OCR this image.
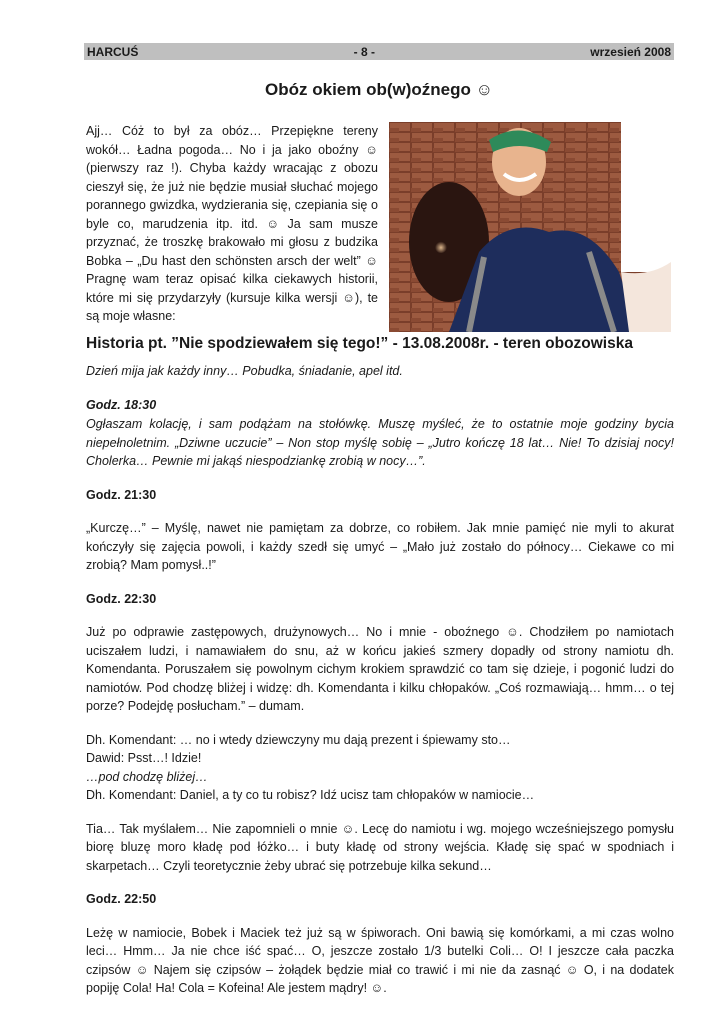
HARCUŚ	- 8 -	wrzesień 2008
Obóz okiem ob(w)oźnego ☺
Ajj… Cóż to był za obóz… Przepiękne tereny wokół… Ładna pogoda… No i ja jako oboźny ☺ (pierwszy raz !). Chyba każdy wracając z obozu cieszył się, że już nie będzie musiał słuchać mojego porannego gwizdka, wydzierania się, czepiania się o byle co, marudzenia itp. itd. ☺ Ja sam musze przyznać, że troszkę brakowało mi głosu z budzika Bobka – „Du hast den schönsten arsch der welt” ☺ Pragnę wam teraz opisać kilka ciekawych historii, które mi się przydarzyły (kursuje kilka wersji ☺), te są moje własne:
Historia pt. ”Nie spodziewałem się tego!” - 13.08.2008r. - teren obozowiska

Dzień mija jak każdy inny… Pobudka, śniadanie, apel itd.

Godz. 18:30

Ogłaszam kolację, i sam podążam na stołówkę. Muszę myśleć, że to ostatnie moje godziny bycia niepełnoletnim. „Dziwne uczucie” – Non stop myślę sobię – „Jutro kończę 18 lat… Nie! To dzisiaj nocy! Cholerka… Pewnie mi jakąś niespodziankę zrobią w nocy…”.

Godz. 21:30

„Kurczę…” – Myślę, nawet nie pamiętam za dobrze, co robiłem. Jak mnie pamięć nie myli to akurat kończyły się zajęcia powoli, i każdy szedł się umyć – „Mało już zostało do północy… Ciekawe co mi zrobią? Mam pomysł..!”

Godz. 22:30

Już po odprawie zastępowych, drużynowych… No i mnie - oboźnego ☺. Chodziłem po namiotach uciszałem ludzi, i namawiałem do snu, aż w końcu jakieś szmery dopadły od strony namiotu dh. Komendanta. Poruszałem się powolnym cichym krokiem sprawdzić co tam się dzieje, i pogonić ludzi do namiotów. Pod chodzę bliżej i widzę: dh. Komendanta i kilku chłopaków. „Coś rozmawiają… hmm… o tej porze? Podejdę posłucham.” – dumam.

Dh. Komendant: … no i wtedy dziewczyny mu dają prezent i śpiewamy sto…

Dawid: Psst…! Idzie!

…pod chodzę bliżej…

Dh. Komendant: Daniel, a ty co tu robisz? Idź ucisz tam chłopaków w namiocie…

Tia… Tak myślałem… Nie zapomnieli o mnie ☺. Lecę do namiotu i wg. mojego wcześniejszego pomysłu biorę bluzę moro kładę pod łóżko… i buty kładę od strony wejścia. Kładę się spać w spodniach i skarpetach… Czyli teoretycznie żeby ubrać się potrzebuje kilka sekund…

Godz. 22:50

Leżę w namiocie, Bobek i Maciek też już są w śpiworach. Oni bawią się komórkami, a mi czas wolno leci… Hmm… Ja nie chce iść spać… O, jeszcze zostało 1/3 butelki Coli… O! I jeszcze cała paczka czipsów ☺ Najem się czipsów – żołądek będzie miał co trawić i mi nie da zasnąć ☺ O, i na dodatek popiję Cola! Ha! Cola = Kofeina! Ale jestem mądry! ☺.
